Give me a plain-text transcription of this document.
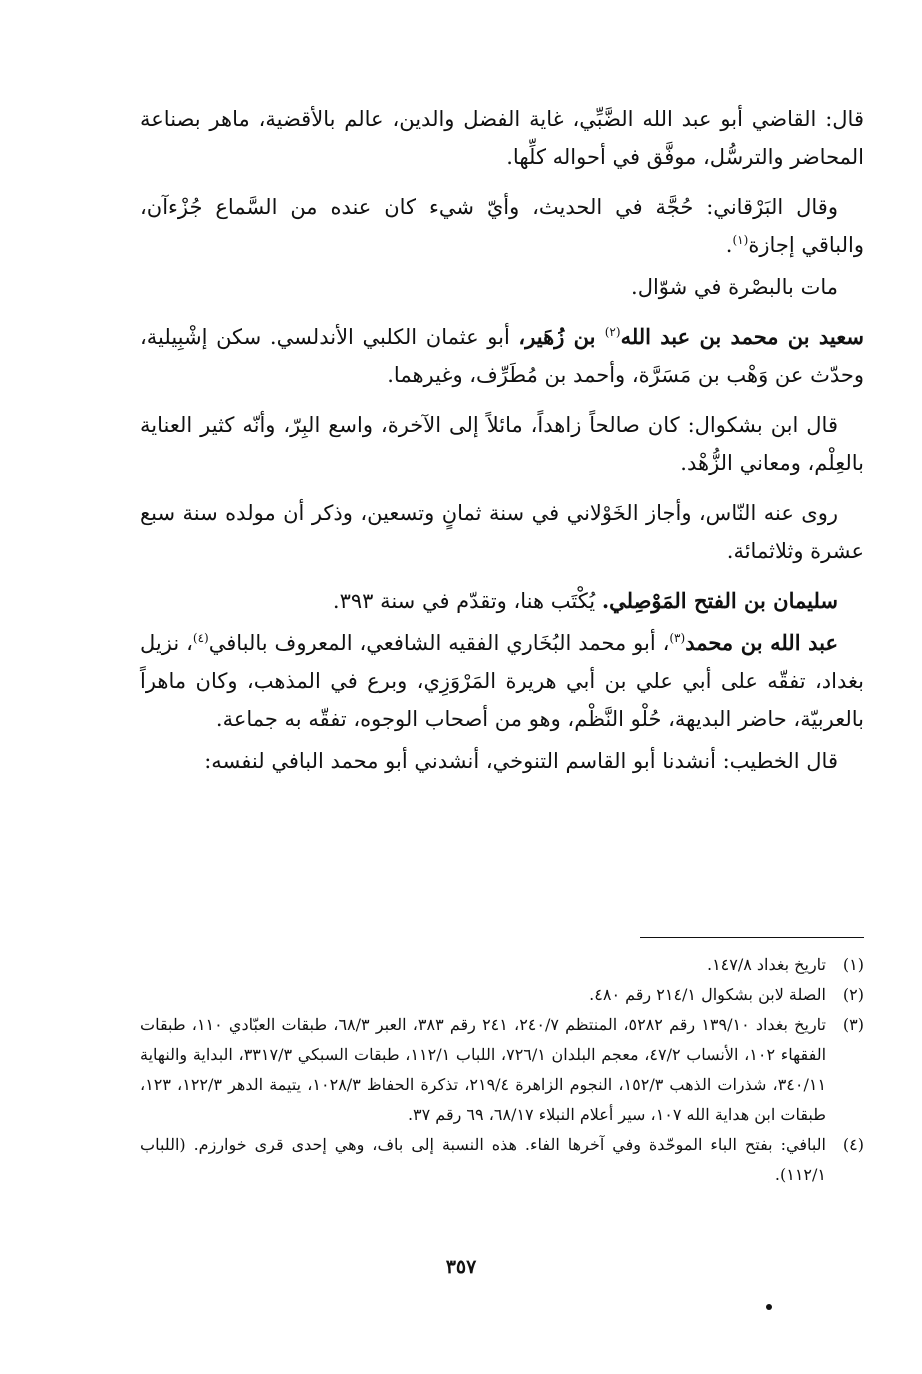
قال: القاضي أبو عبد الله الضَّبِّي، غاية الفضل والدين، عالم بالأقضية، ماهر بصناعة المحاضر والترسُّل، موفَّق في أحواله كلِّها.

وقال البَرْقاني: حُجَّة في الحديث، وأيّ شيء كان عنده من السَّماع جُزْءآن، والباقي إجازة$^{(١)}$.

مات بالبصْرة في شوّال.

سعيد بن محمد بن عبد الله$^{(٢)}$ بن زُهَير، أبو عثمان الكلبي الأندلسي. سكن إشْبِيلية، وحدّث عن وَهْب بن مَسَرَّة، وأحمد بن مُطَرِّف، وغيرهما.

قال ابن بشكوال: كان صالحاً زاهداً، مائلاً إلى الآخرة، واسع البِرّ، وأنّه كثير العناية بالعِلْم، ومعاني الزُّهْد.

روى عنه النّاس، وأجاز الخَوْلاني في سنة ثمانٍ وتسعين، وذكر أن مولده سنة سبع عشرة وثلاثمائة.

سليمان بن الفتح المَوْصِلي. يُكْتَب هنا، وتقدّم في سنة ٣٩٣.

عبد الله بن محمد$^{(٣)}$، أبو محمد البُخَاري الفقيه الشافعي، المعروف بالبافي$^{(٤)}$، نزيل بغداد، تفقّه على أبي علي بن أبي هريرة المَرْوَزِي، وبرع في المذهب، وكان ماهراً بالعربيّة، حاضر البديهة، حُلْو النَّظْم، وهو من أصحاب الوجوه، تفقّه به جماعة.

قال الخطيب: أنشدنا أبو القاسم التنوخي، أنشدني أبو محمد البافي لنفسه:

(١)
تاريخ بغداد ١٤٧/٨.
(٢)
الصلة لابن بشكوال ٢١٤/١ رقم ٤٨٠.
(٣)
تاريخ بغداد ١٣٩/١٠ رقم ٥٢٨٢، المنتظم ٢٤٠/٧، ٢٤١ رقم ٣٨٣، العبر ٦٨/٣، طبقات العبّادي ١١٠، طبقات الفقهاء ١٠٢، الأنساب ٤٧/٢، معجم البلدان ٧٢٦/١، اللباب ١١٢/١، طبقات السبكي ٣٣١٧/٣، البداية والنهاية ٣٤٠/١١، شذرات الذهب ١٥٢/٣، النجوم الزاهرة ٢١٩/٤، تذكرة الحفاظ ١٠٢٨/٣، يتيمة الدهر ١٢٢/٣، ١٢٣، طبقات ابن هداية الله ١٠٧، سير أعلام النبلاء ٦٨/١٧، ٦٩ رقم ٣٧.
(٤)
البافي: بفتح الباء الموحّدة وفي آخرها الفاء. هذه النسبة إلى باف، وهي إحدى قرى خوارزم. (اللباب ١١٢/١).
٣٥٧
